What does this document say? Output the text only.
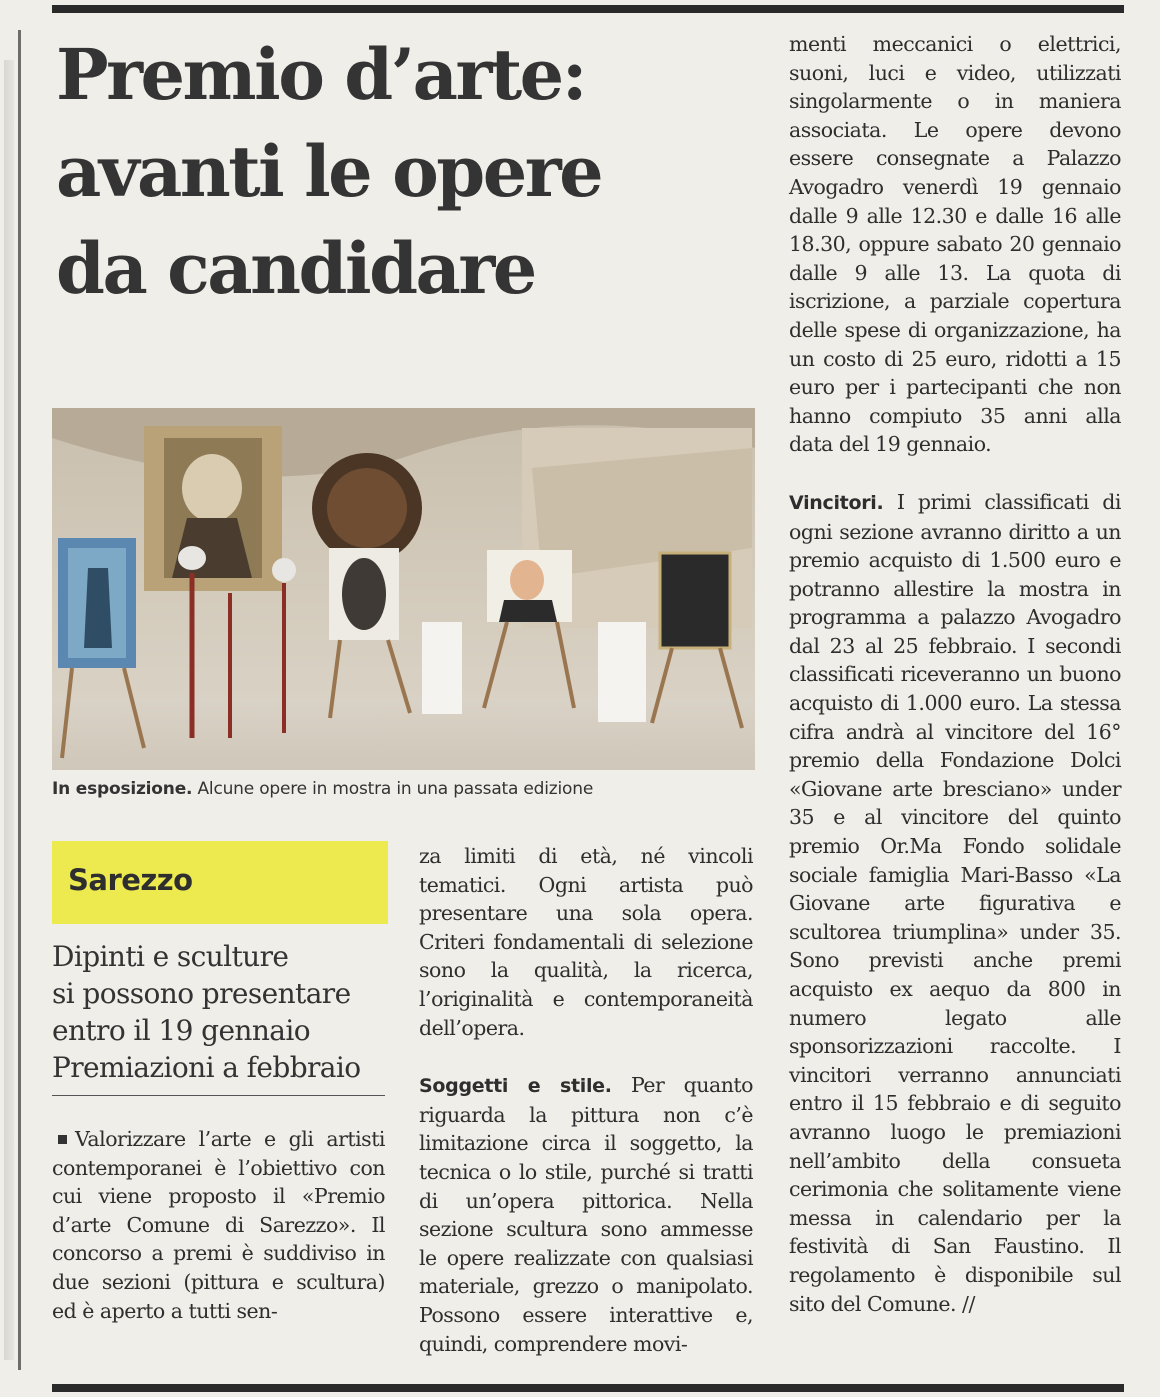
Premio d’arte:
avanti le opere
da candidare
In esposizione. Alcune opere in mostra in una passata edizione
Sarezzo
Dipinti e sculture
si possono presentare
entro il 19 gennaio
Premiazioni a febbraio

Valorizzare l’arte e gli artisti contemporanei è l’obiettivo con cui viene proposto il «Premio d’arte Comune di Sarezzo». Il concorso a premi è suddiviso in due sezioni (pittura e scultura) ed è aperto a tutti sen-

za limiti di età, né vincoli tematici. Ogni artista può presentare una sola opera. Criteri fondamentali di selezione sono la qualità, la ricerca, l’originalità e contemporaneità dell’opera.

Soggetti e stile. Per quanto riguarda la pittura non c’è limitazione circa il soggetto, la tecnica o lo stile, purché si tratti di un’opera pittorica. Nella sezione scultura sono ammesse le opere realizzate con qualsiasi materiale, grezzo o manipolato. Possono essere interattive e, quindi, comprendere movi-

menti meccanici o elettrici, suoni, luci e video, utilizzati singolarmente o in maniera associata. Le opere devono essere consegnate a Palazzo Avogadro venerdì 19 gennaio dalle 9 alle 12.30 e dalle 16 alle 18.30, oppure sabato 20 gennaio dalle 9 alle 13. La quota di iscrizione, a parziale copertura delle spese di organizzazione, ha un costo di 25 euro, ridotti a 15 euro per i partecipanti che non hanno compiuto 35 anni alla data del 19 gennaio.

Vincitori. I primi classificati di ogni sezione avranno diritto a un premio acquisto di 1.500 euro e potranno allestire la mostra in programma a palazzo Avogadro dal 23 al 25 febbraio. I secondi classificati riceveranno un buono acquisto di 1.000 euro. La stessa cifra andrà al vincitore del 16° premio della Fondazione Dolci «Giovane arte bresciano» under 35 e al vincitore del quinto premio Or.Ma Fondo solidale sociale famiglia Mari-Basso «La Giovane arte figurativa e scultorea triumplina» under 35. Sono previsti anche premi acquisto ex aequo da 800 in numero legato alle sponsorizzazioni raccolte. I vincitori verranno annunciati entro il 15 febbraio e di seguito avranno luogo le premiazioni nell’ambito della consueta cerimonia che solitamente viene messa in calendario per la festività di San Faustino. Il regolamento è disponibile sul sito del Comune. //
